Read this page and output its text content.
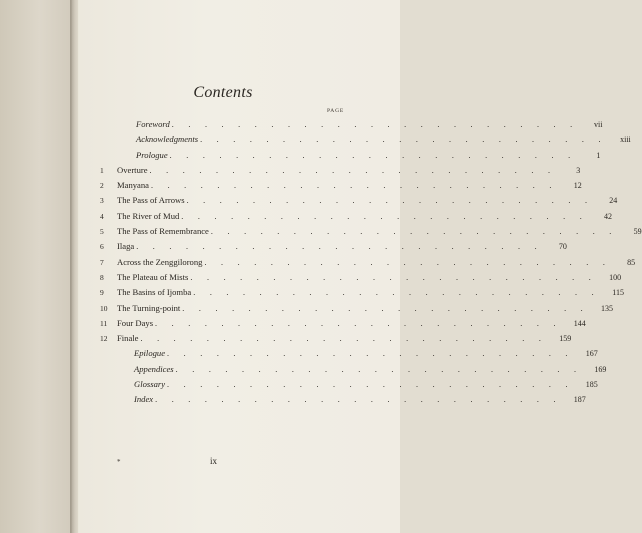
Contents
PAGE
Foreword . . . . . . . . . . . . . . . . . . . . . . . . .	vii
Acknowledgments . . . . . . . . . . . . . . . . . . . . . . . . .	xiii
Prologue . . . . . . . . . . . . . . . . . . . . . . . . .	1
1	Overture . . . . . . . . . . . . . . . . . . . . . . . . .	3
2	Manyana . . . . . . . . . . . . . . . . . . . . . . . . .	12
3	The Pass of Arrows . . . . . . . . . . . . . . . . . . . . . . . . .	24
4	The River of Mud . . . . . . . . . . . . . . . . . . . . . . . . .	42
5	The Pass of Remembrance . . . . . . . . . . . . . . . . . . . . . . . . .	59
6	Ilaga . . . . . . . . . . . . . . . . . . . . . . . . .	70
7	Across the Zenggilorong . . . . . . . . . . . . . . . . . . . . . . . . .	85
8	The Plateau of Mists . . . . . . . . . . . . . . . . . . . . . . . . .	100
9	The Basins of Ijomba . . . . . . . . . . . . . . . . . . . . . . . . .	115
10	The Turning-point . . . . . . . . . . . . . . . . . . . . . . . . .	135
11	Four Days . . . . . . . . . . . . . . . . . . . . . . . . .	144
12	Finale . . . . . . . . . . . . . . . . . . . . . . . . .	159
Epilogue . . . . . . . . . . . . . . . . . . . . . . . . .	167
Appendices . . . . . . . . . . . . . . . . . . . . . . . . .	169
Glossary . . . . . . . . . . . . . . . . . . . . . . . . .	185
Index . . . . . . . . . . . . . . . . . . . . . . . . .	187
*	ix
